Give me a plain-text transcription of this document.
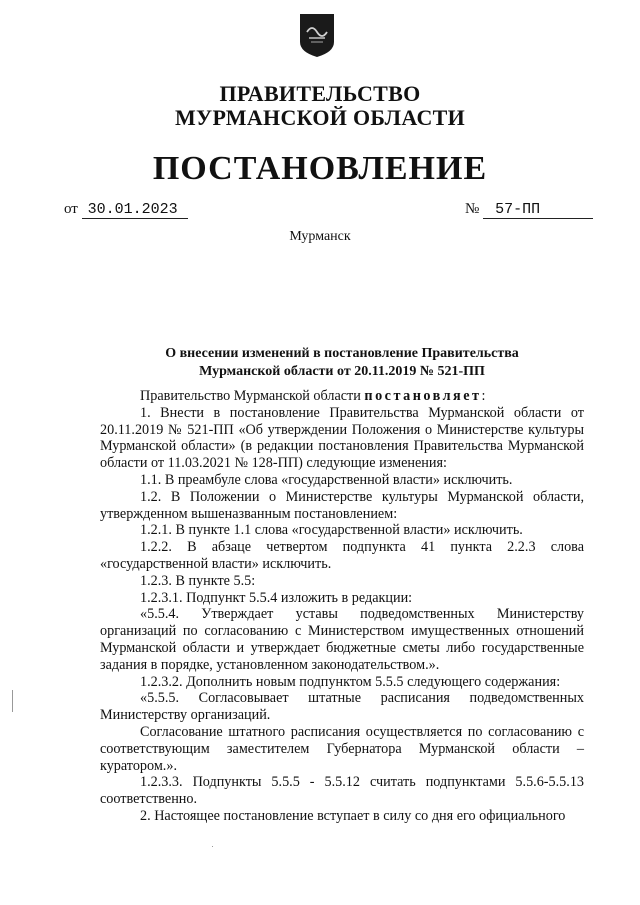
ПРАВИТЕЛЬСТВО
МУРМАНСКОЙ ОБЛАСТИ
ПОСТАНОВЛЕНИЕ
от 30.01.2023	№ 57-ПП
Мурманск
О внесении изменений в постановление Правительства
Мурманской области от 20.11.2019 № 521-ПП

Правительство Мурманской области постановляет:

1. Внести в постановление Правительства Мурманской области от 20.11.2019 № 521-ПП «Об утверждении Положения о Министерстве культуры Мурманской области» (в редакции постановления Правительства Мурманской области от 11.03.2021 № 128-ПП) следующие изменения:

1.1. В преамбуле слова «государственной власти» исключить.

1.2. В Положении о Министерстве культуры Мурманской области, утвержденном вышеназванным постановлением:

1.2.1. В пункте 1.1 слова «государственной власти» исключить.

1.2.2. В абзаце четвертом подпункта 41 пункта 2.2.3 слова «государственной власти» исключить.

1.2.3. В пункте 5.5:

1.2.3.1. Подпункт 5.5.4 изложить в редакции:

«5.5.4. Утверждает уставы подведомственных Министерству организаций по согласованию с Министерством имущественных отношений Мурманской области и утверждает бюджетные сметы либо государственные задания в порядке, установленном законодательством.».

1.2.3.2. Дополнить новым подпунктом 5.5.5 следующего содержания:

«5.5.5. Согласовывает штатные расписания подведомственных Министерству организаций.

Согласование штатного расписания осуществляется по согласованию с соответствующим заместителем Губернатора Мурманской области – куратором.».

1.2.3.3. Подпункты 5.5.5 - 5.5.12 считать подпунктами 5.5.6-5.5.13 соответственно.

2. Настоящее постановление вступает в силу со дня его официального
